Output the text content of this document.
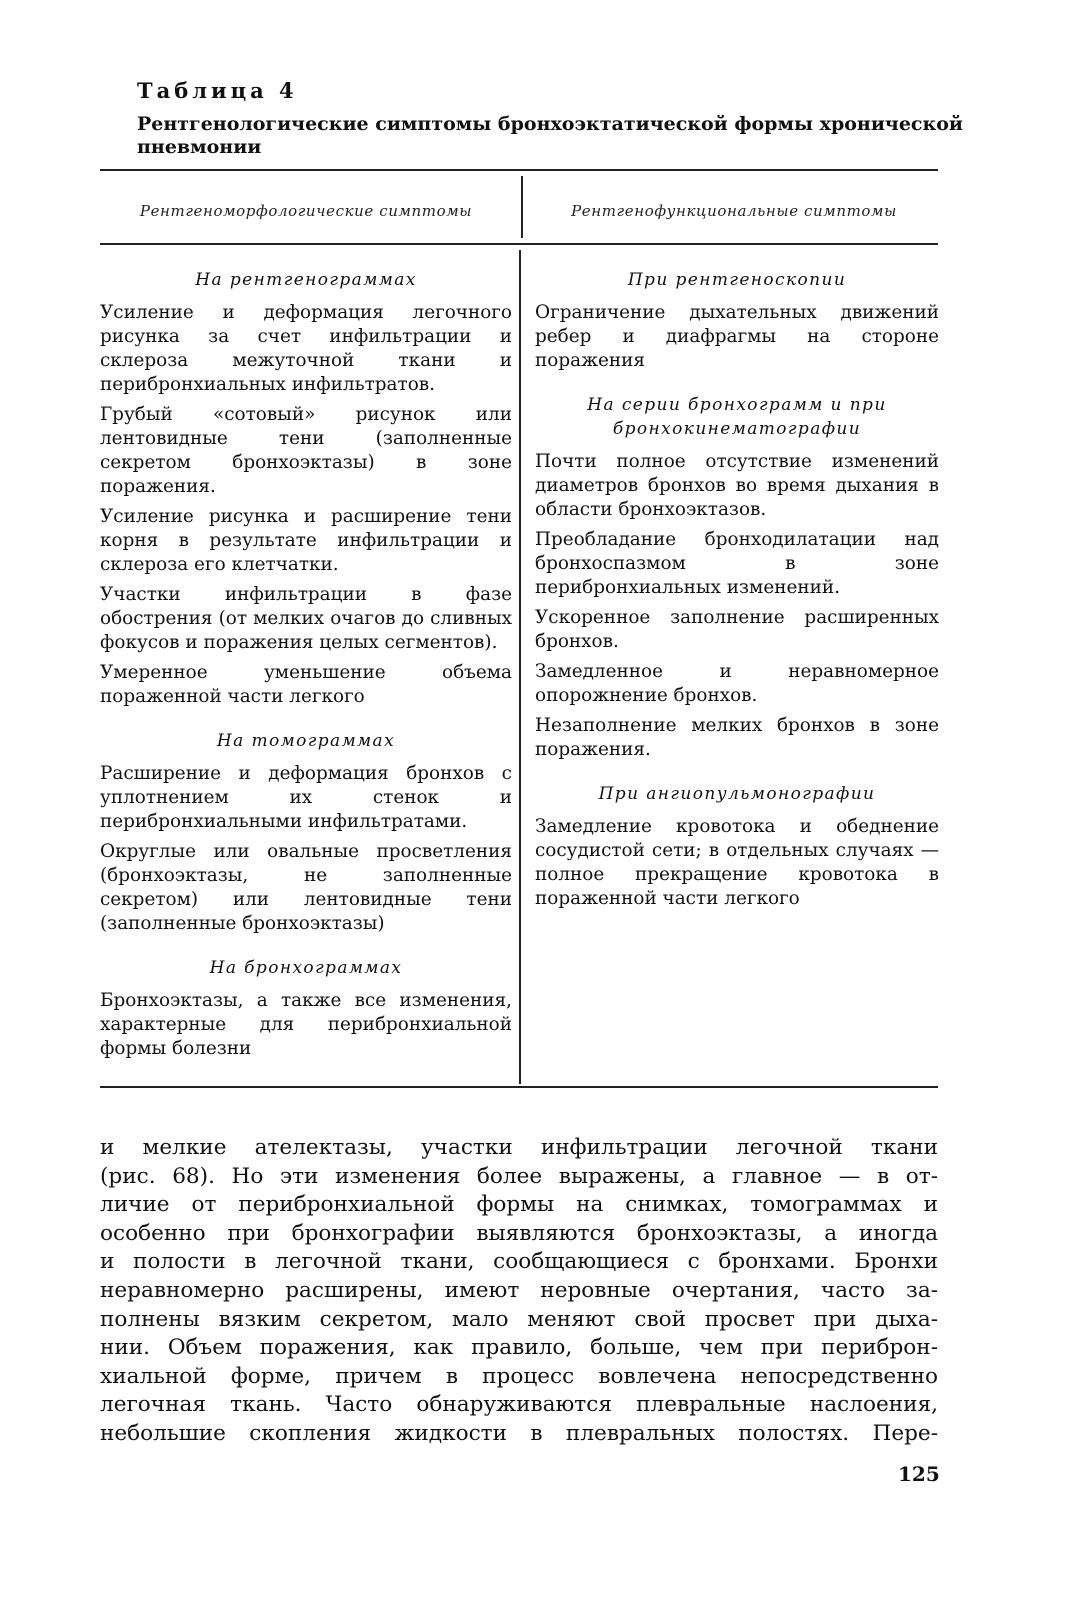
Таблица 4
Рентгенологические симптомы бронхоэктатической формы хронической пневмонии
Рентгеноморфологические симптомы	Рентгенофункциональные симптомы
На рентгенограммах
Усиление и деформация легочного рисунка за счет инфильтрации и склероза межуточной ткани и перибронхиальных инфильтратов.
Грубый «сотовый» рисунок или лентовидные тени (заполненные секретом бронхоэктазы) в зоне поражения.
Усиление рисунка и расширение тени корня в результате инфильтрации и склероза его клетчатки.
Участки инфильтрации в фазе обострения (от мелких очагов до сливных фокусов и поражения целых сегментов).
Умеренное уменьшение объема пораженной части легкого
На томограммах
Расширение и деформация бронхов с уплотнением их стенок и перибронхиальными инфильтратами.
Округлые или овальные просветления (бронхоэктазы, не заполненные секретом) или лентовидные тени (заполненные бронхоэктазы)
На бронхограммах
Бронхоэктазы, а также все изменения, характерные для перибронхиальной формы болезни
При рентгеноскопии
Ограничение дыхательных движений ребер и диафрагмы на стороне поражения
На серии бронхограмм и при бронхокинематографии
Почти полное отсутствие изменений диаметров бронхов во время дыхания в области бронхоэктазов.
Преобладание бронходилатации над бронхоспазмом в зоне перибронхиальных изменений.
Ускоренное заполнение расширенных бронхов.
Замедленное и неравномерное опорожнение бронхов.
Незаполнение мелких бронхов в зоне поражения.
При ангиопульмонографии
Замедление кровотока и обеднение сосудистой сети; в отдельных случаях — полное прекращение кровотока в пораженной части легкого
и мелкие ателектазы, участки инфильтрации легочной ткани
(рис. 68). Но эти изменения более выражены, а главное — в от-
личие от перибронхиальной формы на снимках, томограммах и
особенно при бронхографии выявляются бронхоэктазы, а иногда
и полости в легочной ткани, сообщающиеся с бронхами. Бронхи
неравномерно расширены, имеют неровные очертания, часто за-
полнены вязким секретом, мало меняют свой просвет при дыха-
нии. Объем поражения, как правило, больше, чем при периброн-
хиальной форме, причем в процесс вовлечена непосредственно
легочная ткань. Часто обнаруживаются плевральные наслоения,
небольшие скопления жидкости в плевральных полостях. Пере-
125
